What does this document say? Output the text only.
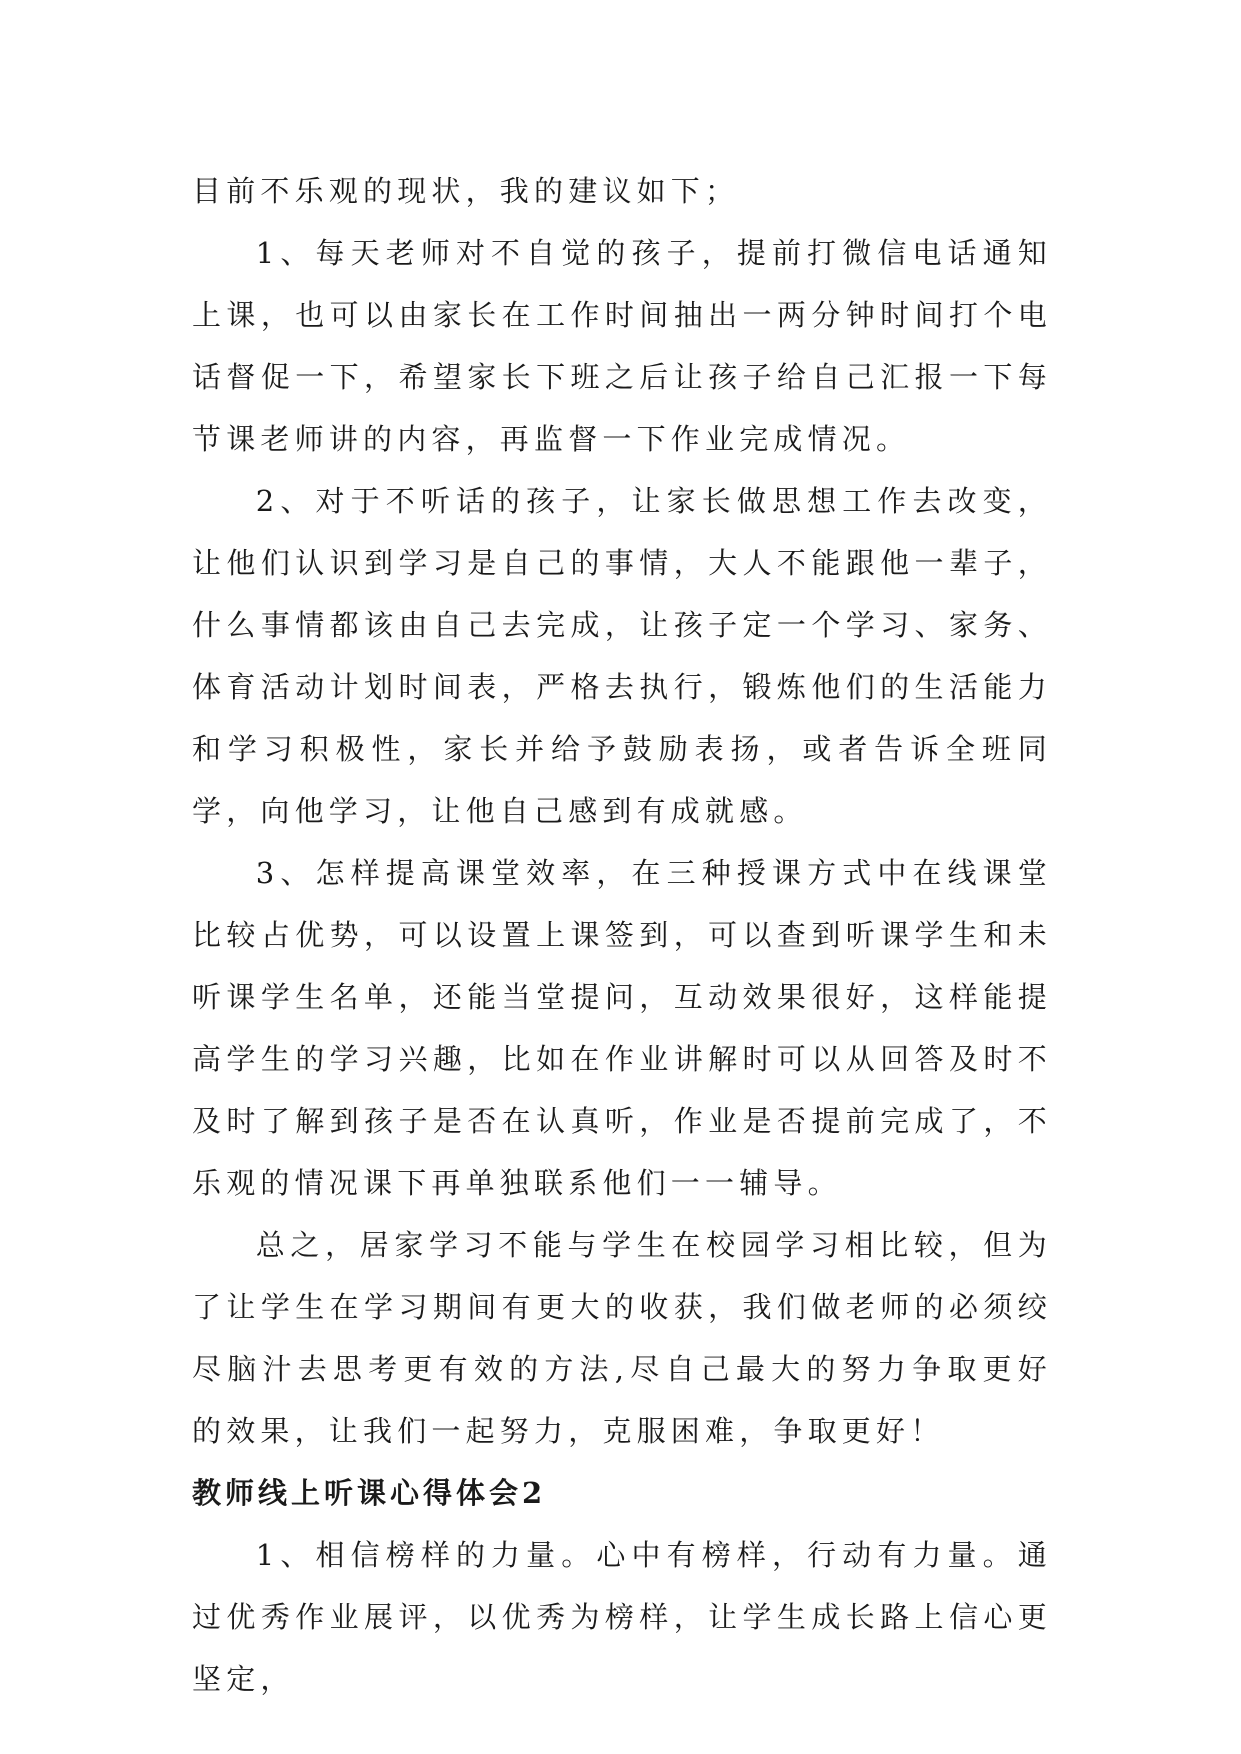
目前不乐观的现状，我的建议如下；

1、每天老师对不自觉的孩子，提前打微信电话通知上课，也可以由家长在工作时间抽出一两分钟时间打个电话督促一下，希望家长下班之后让孩子给自己汇报一下每节课老师讲的内容，再监督一下作业完成情况。

2、对于不听话的孩子，让家长做思想工作去改变，让他们认识到学习是自己的事情，大人不能跟他一辈子，什么事情都该由自己去完成，让孩子定一个学习、家务、体育活动计划时间表，严格去执行，锻炼他们的生活能力和学习积极性，家长并给予鼓励表扬，或者告诉全班同学，向他学习，让他自己感到有成就感。

3、怎样提高课堂效率，在三种授课方式中在线课堂比较占优势，可以设置上课签到，可以查到听课学生和未听课学生名单，还能当堂提问，互动效果很好，这样能提高学生的学习兴趣，比如在作业讲解时可以从回答及时不及时了解到孩子是否在认真听，作业是否提前完成了，不乐观的情况课下再单独联系他们一一辅导。

总之，居家学习不能与学生在校园学习相比较，但为了让学生在学习期间有更大的收获，我们做老师的必须绞尽脑汁去思考更有效的方法,尽自己最大的努力争取更好的效果，让我们一起努力，克服困难，争取更好！

教师线上听课心得体会2

1、相信榜样的力量。心中有榜样，行动有力量。通过优秀作业展评，以优秀为榜样，让学生成长路上信心更坚定，
